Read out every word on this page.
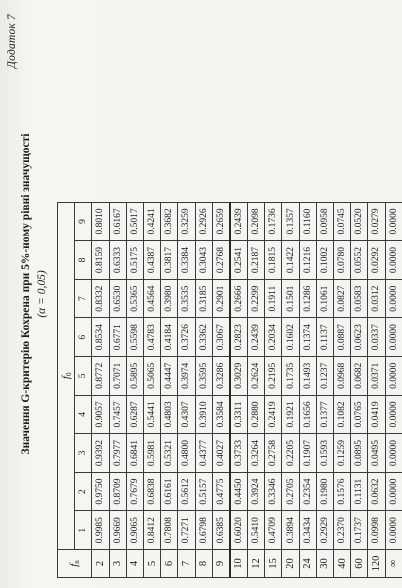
Додаток 7
Значення G-критерію Кохрена при 5%-ному рівні значущості (α = 0,05)
$f_n$	$f_0$
	1	2	3	4	5	6	7	8	9
2	0.9985	0.9750	0.9392	0.9057	0.8772	0.8534	0.8332	0.8159	0.8010
3	0.9669	0.8709	0.7977	0.7457	0.7071	0.6771	0.6530	0.6333	0.6167
4	0.9065	0.7679	0.6841	0.6287	0.5895	0.5598	0.5365	0.5175	0.5017
5	0.8412	0.6838	0.5981	0.5441	0.5065	0.4783	0.4564	0.4387	0.4241
6	0.7808	0.6161	0.5321	0.4803	0.4447	0.4184	0.3980	0.3817	0.3682
7	0.7271	0.5612	0.4800	0.4307	0.3974	0.3726	0.3535	0.3384	0.3259
8	0.6798	0.5157	0.4377	0.3910	0.3595	0.3362	0.3185	0.3043	0.2926
9	0.6385	0.4775	0.4027	0.3584	0.3286	0.3067	0.2901	0.2768	0.2659
10	0.6020	0.4450	0.3733	0.3311	0.3029	0.2823	0.2666	0.2541	0.2439
12	0.5410	0.3924	0.3264	0.2880	0.2624	0.2439	0.2299	0.2187	0.2098
15	0.4709	0.3346	0.2758	0.2419	0.2195	0.2034	0.1911	0.1815	0.1736
20	0.3894	0.2705	0.2205	0.1921	0.1735	0.1602	0.1501	0.1422	0.1357
24	0.3434	0.2354	0.1907	0.1656	0.1493	0.1374	0.1286	0.1216	0.1160
30	0.2929	0.1980	0.1593	0.1377	0.1237	0.1137	0.1061	0.1002	0.0958
40	0.2370	0.1576	0.1259	0.1082	0.0968	0.0887	0.0827	0.0780	0.0745
60	0.1737	0.1131	0.0895	0.0765	0.0682	0.0623	0.0583	0.0552	0.0520
120	0.0998	0.0632	0.0495	0.0419	0.0371	0.0337	0.0312	0.0292	0.0279
∞	0.0000	0.0000	0.0000	0.0000	0.0000	0.0000	0.0000	0.0000	0.0000
